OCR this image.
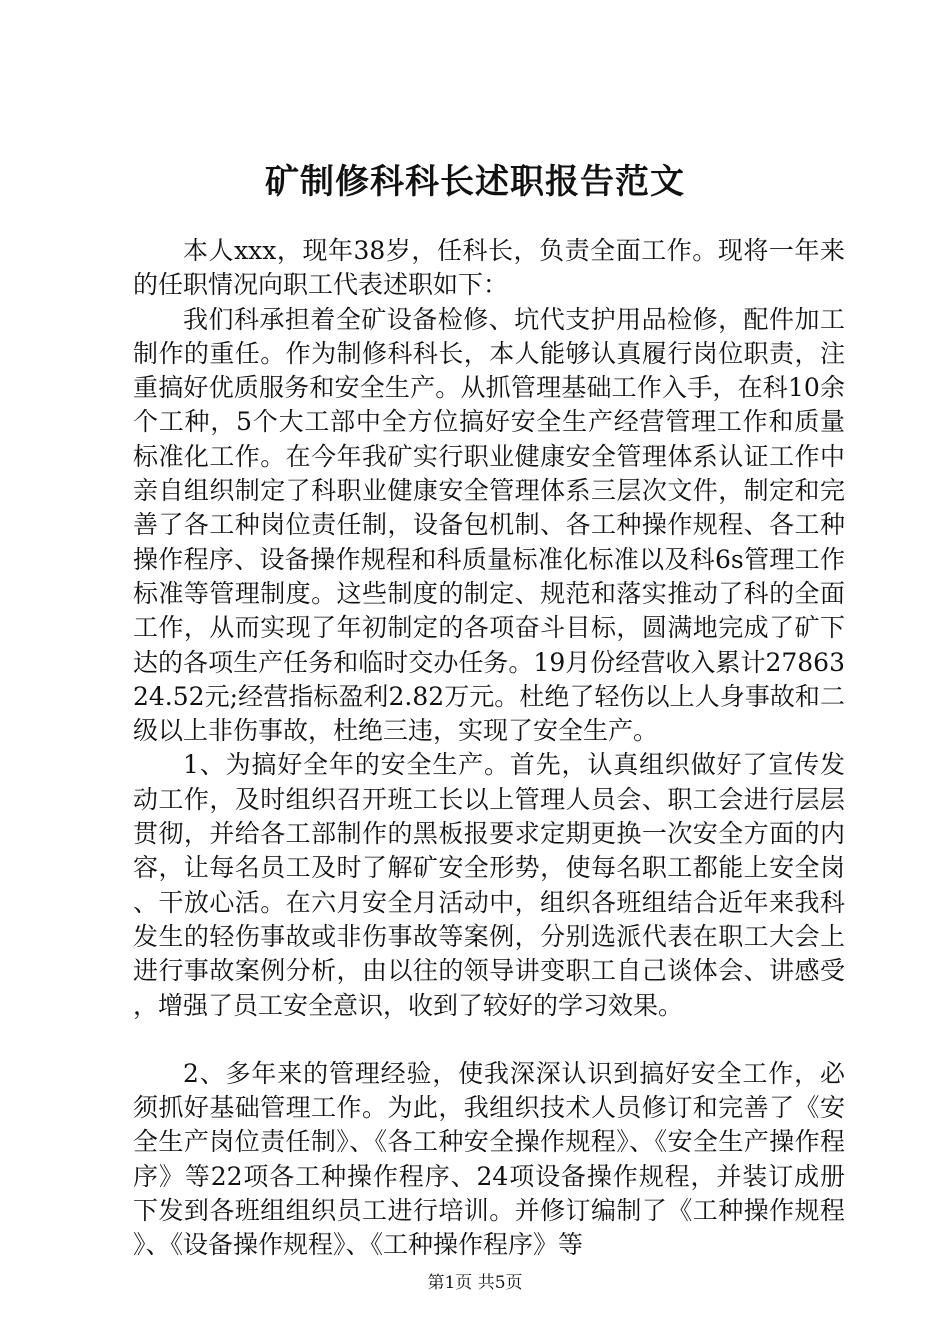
矿制修科科长述职报告范文

本人xxx，现年38岁，任科长，负责全面工作。现将一年来的任职情况向职工代表述职如下：

我们科承担着全矿设备检修、坑代支护用品检修，配件加工制作的重任。作为制修科科长，本人能够认真履行岗位职责，注重搞好优质服务和安全生产。从抓管理基础工作入手，在科10余个工种，5个大工部中全方位搞好安全生产经营管理工作和质量标准化工作。在今年我矿实行职业健康安全管理体系认证工作中亲自组织制定了科职业健康安全管理体系三层次文件，制定和完善了各工种岗位责任制，设备包机制、各工种操作规程、各工种操作程序、设备操作规程和科质量标准化标准以及科6s管理工作标准等管理制度。这些制度的制定、规范和落实推动了科的全面工作，从而实现了年初制定的各项奋斗目标，圆满地完成了矿下达的各项生产任务和临时交办任务。19月份经营收入累计2786324.52元;经营指标盈利2.82万元。杜绝了轻伤以上人身事故和二级以上非伤事故，杜绝三违，实现了安全生产。

1、为搞好全年的安全生产。首先，认真组织做好了宣传发动工作，及时组织召开班工长以上管理人员会、职工会进行层层贯彻，并给各工部制作的黑板报要求定期更换一次安全方面的内容，让每名员工及时了解矿安全形势，使每名职工都能上安全岗、干放心活。在六月安全月活动中，组织各班组结合近年来我科发生的轻伤事故或非伤事故等案例，分别选派代表在职工大会上进行事故案例分析，由以往的领导讲变职工自己谈体会、讲感受，增强了员工安全意识，收到了较好的学习效果。

2、多年来的管理经验，使我深深认识到搞好安全工作，必须抓好基础管理工作。为此，我组织技术人员修订和完善了《安全生产岗位责任制》、《各工种安全操作规程》、《安全生产操作程序》等22项各工种操作程序、24项设备操作规程，并装订成册下发到各班组组织员工进行培训。并修订编制了《工种操作规程》、《设备操作规程》、《工种操作程序》等

第1页 共5页
